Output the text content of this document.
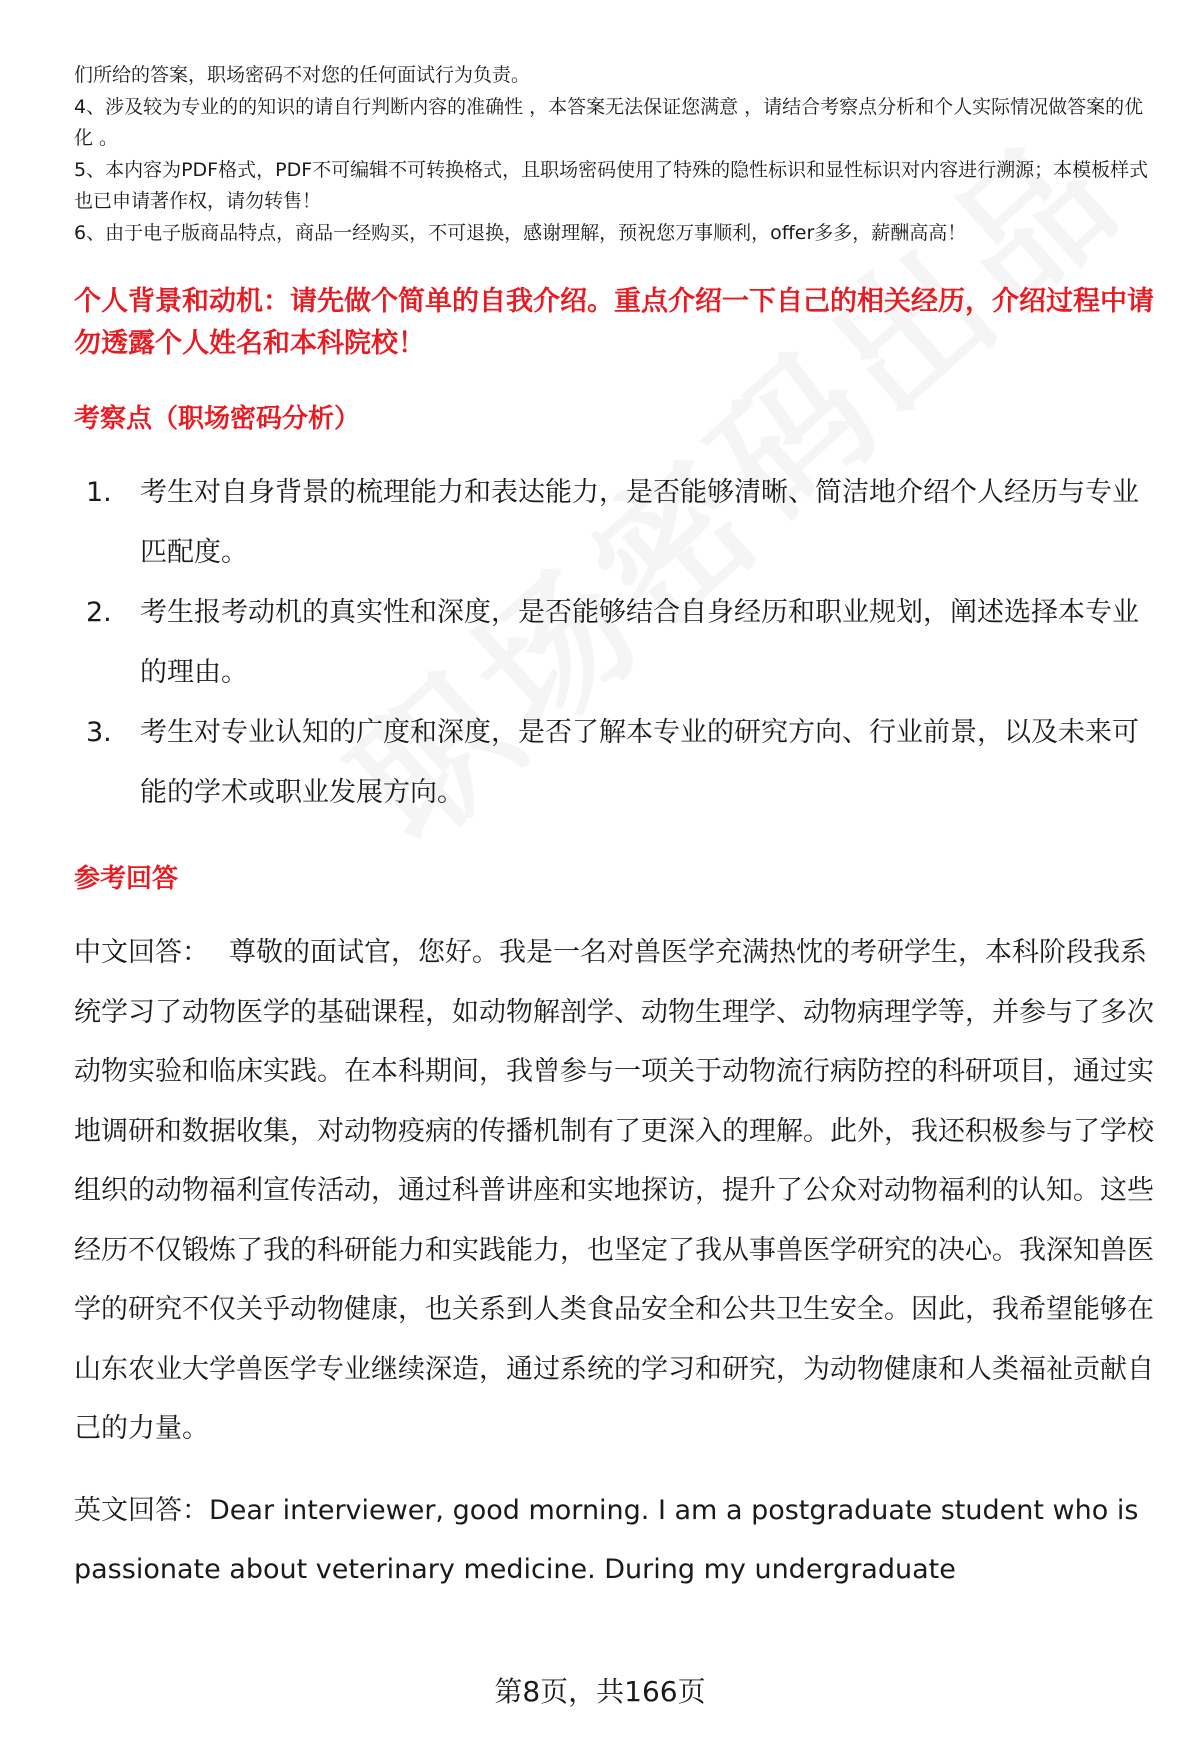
们所给的答案，职场密码不对您的任何面试行为负责。

4、涉及较为专业的的知识的请自行判断内容的准确性 ，本答案无法保证您满意 ，请结合考察点分析和个人实际情况做答案的优化 。

5、本内容为PDF格式，PDF不可编辑不可转换格式，且职场密码使用了特殊的隐性标识和显性标识对内容进行溯源；本模板样式也已申请著作权，请勿转售！

6、由于电子版商品特点，商品一经购买，不可退换，感谢理解，预祝您万事顺利，offer多多，薪酬高高！

个人背景和动机：请先做个简单的自我介绍。重点介绍一下自己的相关经历，介绍过程中请勿透露个人姓名和本科院校！
考察点（职场密码分析）
1.	考生对自身背景的梳理能力和表达能力，是否能够清晰、简洁地介绍个人经历与专业匹配度。
2.	考生报考动机的真实性和深度，是否能够结合自身经历和职业规划，阐述选择本专业的理由。
3.	考生对专业认知的广度和深度，是否了解本专业的研究方向、行业前景，以及未来可能的学术或职业发展方向。
参考回答
中文回答： 尊敬的面试官，您好。我是一名对兽医学充满热忱的考研学生，本科阶段我系统学习了动物医学的基础课程，如动物解剖学、动物生理学、动物病理学等，并参与了多次动物实验和临床实践。在本科期间，我曾参与一项关于动物流行病防控的科研项目，通过实地调研和数据收集，对动物疫病的传播机制有了更深入的理解。此外，我还积极参与了学校组织的动物福利宣传活动，通过科普讲座和实地探访，提升了公众对动物福利的认知。这些经历不仅锻炼了我的科研能力和实践能力，也坚定了我从事兽医学研究的决心。我深知兽医学的研究不仅关乎动物健康，也关系到人类食品安全和公共卫生安全。因此，我希望能够在山东农业大学兽医学专业继续深造，通过系统的学习和研究，为动物健康和人类福祉贡献自己的力量。
英文回答：Dear interviewer, good morning. I am a postgraduate student who is passionate about veterinary medicine. During my undergraduate
第8页，共166页
